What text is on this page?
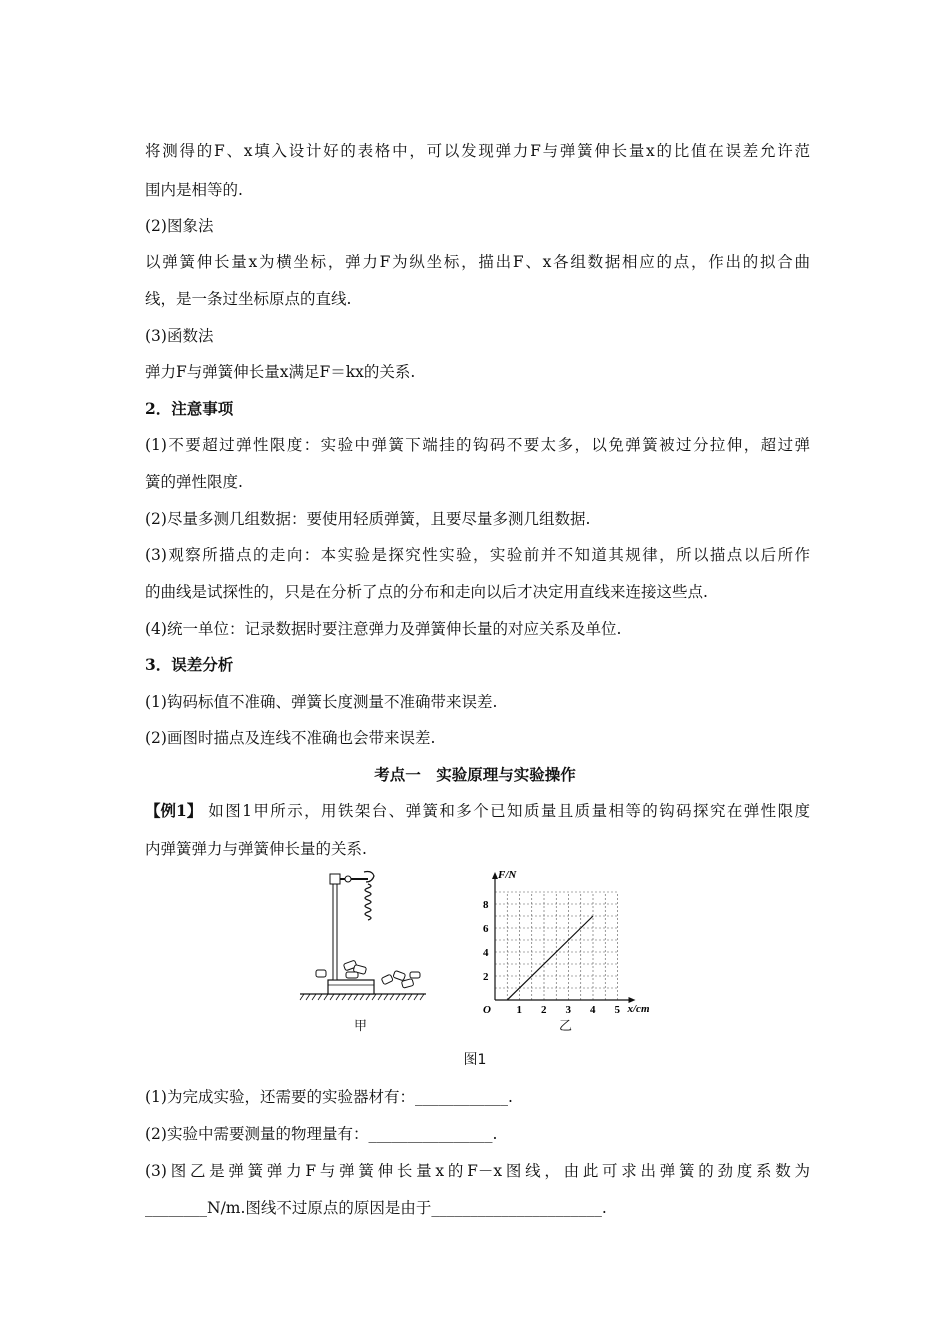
将测得的F、x填入设计好的表格中，可以发现弹力F与弹簧伸长量x的比值在误差允许范
围内是相等的.
(2)图象法
以弹簧伸长量x为横坐标，弹力F为纵坐标，描出F、x各组数据相应的点，作出的拟合曲
线，是一条过坐标原点的直线.
(3)函数法
弹力F与弹簧伸长量x满足F＝kx的关系.
2．注意事项
(1)不要超过弹性限度：实验中弹簧下端挂的钩码不要太多，以免弹簧被过分拉伸，超过弹
簧的弹性限度.
(2)尽量多测几组数据：要使用轻质弹簧，且要尽量多测几组数据.
(3)观察所描点的走向：本实验是探究性实验，实验前并不知道其规律，所以描点以后所作
的曲线是试探性的，只是在分析了点的分布和走向以后才决定用直线来连接这些点.
(4)统一单位：记录数据时要注意弹力及弹簧伸长量的对应关系及单位.
3．误差分析
(1)钩码标值不准确、弹簧长度测量不准确带来误差.
(2)画图时描点及连线不准确也会带来误差.
考点一　实验原理与实验操作
【例1】 如图1甲所示，用铁架台、弹簧和多个已知质量且质量相等的钩码探究在弹性限度
内弹簧弹力与弹簧伸长量的关系.
甲
F/N
x/cm
O 1 2 3 4 5
2
4
6
8
乙
图1
(1)为完成实验，还需要的实验器材有：____________.
(2)实验中需要测量的物理量有：________________.
(3)图乙是弹簧弹力F与弹簧伸长量x的F－x图线，由此可求出弹簧的劲度系数为
________N/m.图线不过原点的原因是由于______________________.
